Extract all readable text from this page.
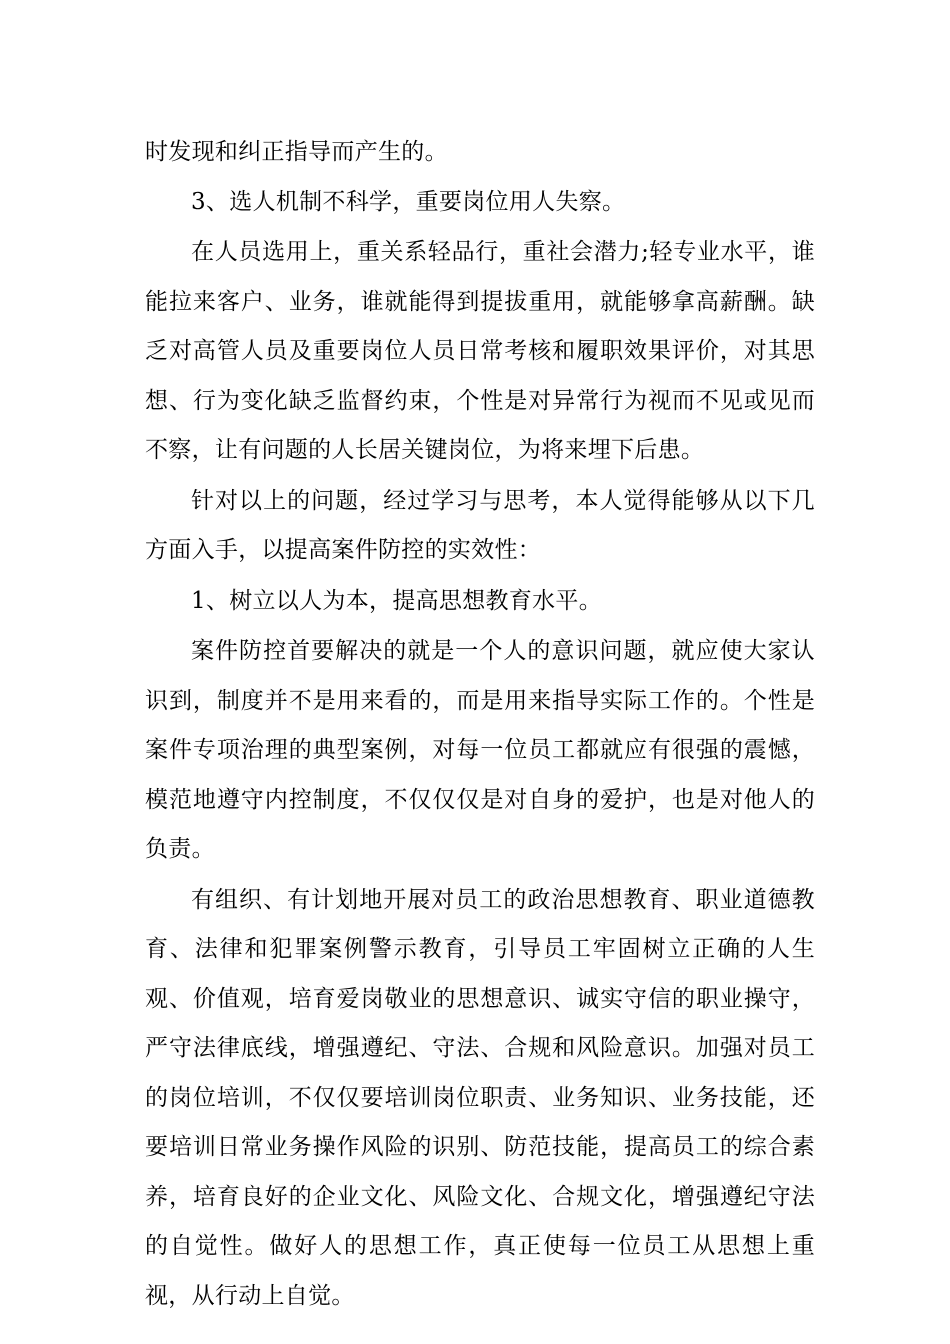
时发现和纠正指导而产生的。

3、选人机制不科学，重要岗位用人失察。

在人员选用上，重关系轻品行，重社会潜力;轻专业水平，谁能拉来客户、业务，谁就能得到提拔重用，就能够拿高薪酬。缺乏对高管人员及重要岗位人员日常考核和履职效果评价，对其思想、行为变化缺乏监督约束，个性是对异常行为视而不见或见而不察，让有问题的人长居关键岗位，为将来埋下后患。

针对以上的问题，经过学习与思考，本人觉得能够从以下几方面入手，以提高案件防控的实效性：

1、树立以人为本，提高思想教育水平。

案件防控首要解决的就是一个人的意识问题，就应使大家认识到，制度并不是用来看的，而是用来指导实际工作的。个性是案件专项治理的典型案例，对每一位员工都就应有很强的震憾，模范地遵守内控制度，不仅仅仅是对自身的爱护，也是对他人的负责。

有组织、有计划地开展对员工的政治思想教育、职业道德教育、法律和犯罪案例警示教育，引导员工牢固树立正确的人生观、价值观，培育爱岗敬业的思想意识、诚实守信的职业操守，严守法律底线，增强遵纪、守法、合规和风险意识。加强对员工的岗位培训，不仅仅要培训岗位职责、业务知识、业务技能，还要培训日常业务操作风险的识别、防范技能，提高员工的综合素养，培育良好的企业文化、风险文化、合规文化，增强遵纪守法的自觉性。做好人的思想工作，真正使每一位员工从思想上重视，从行动上自觉。
